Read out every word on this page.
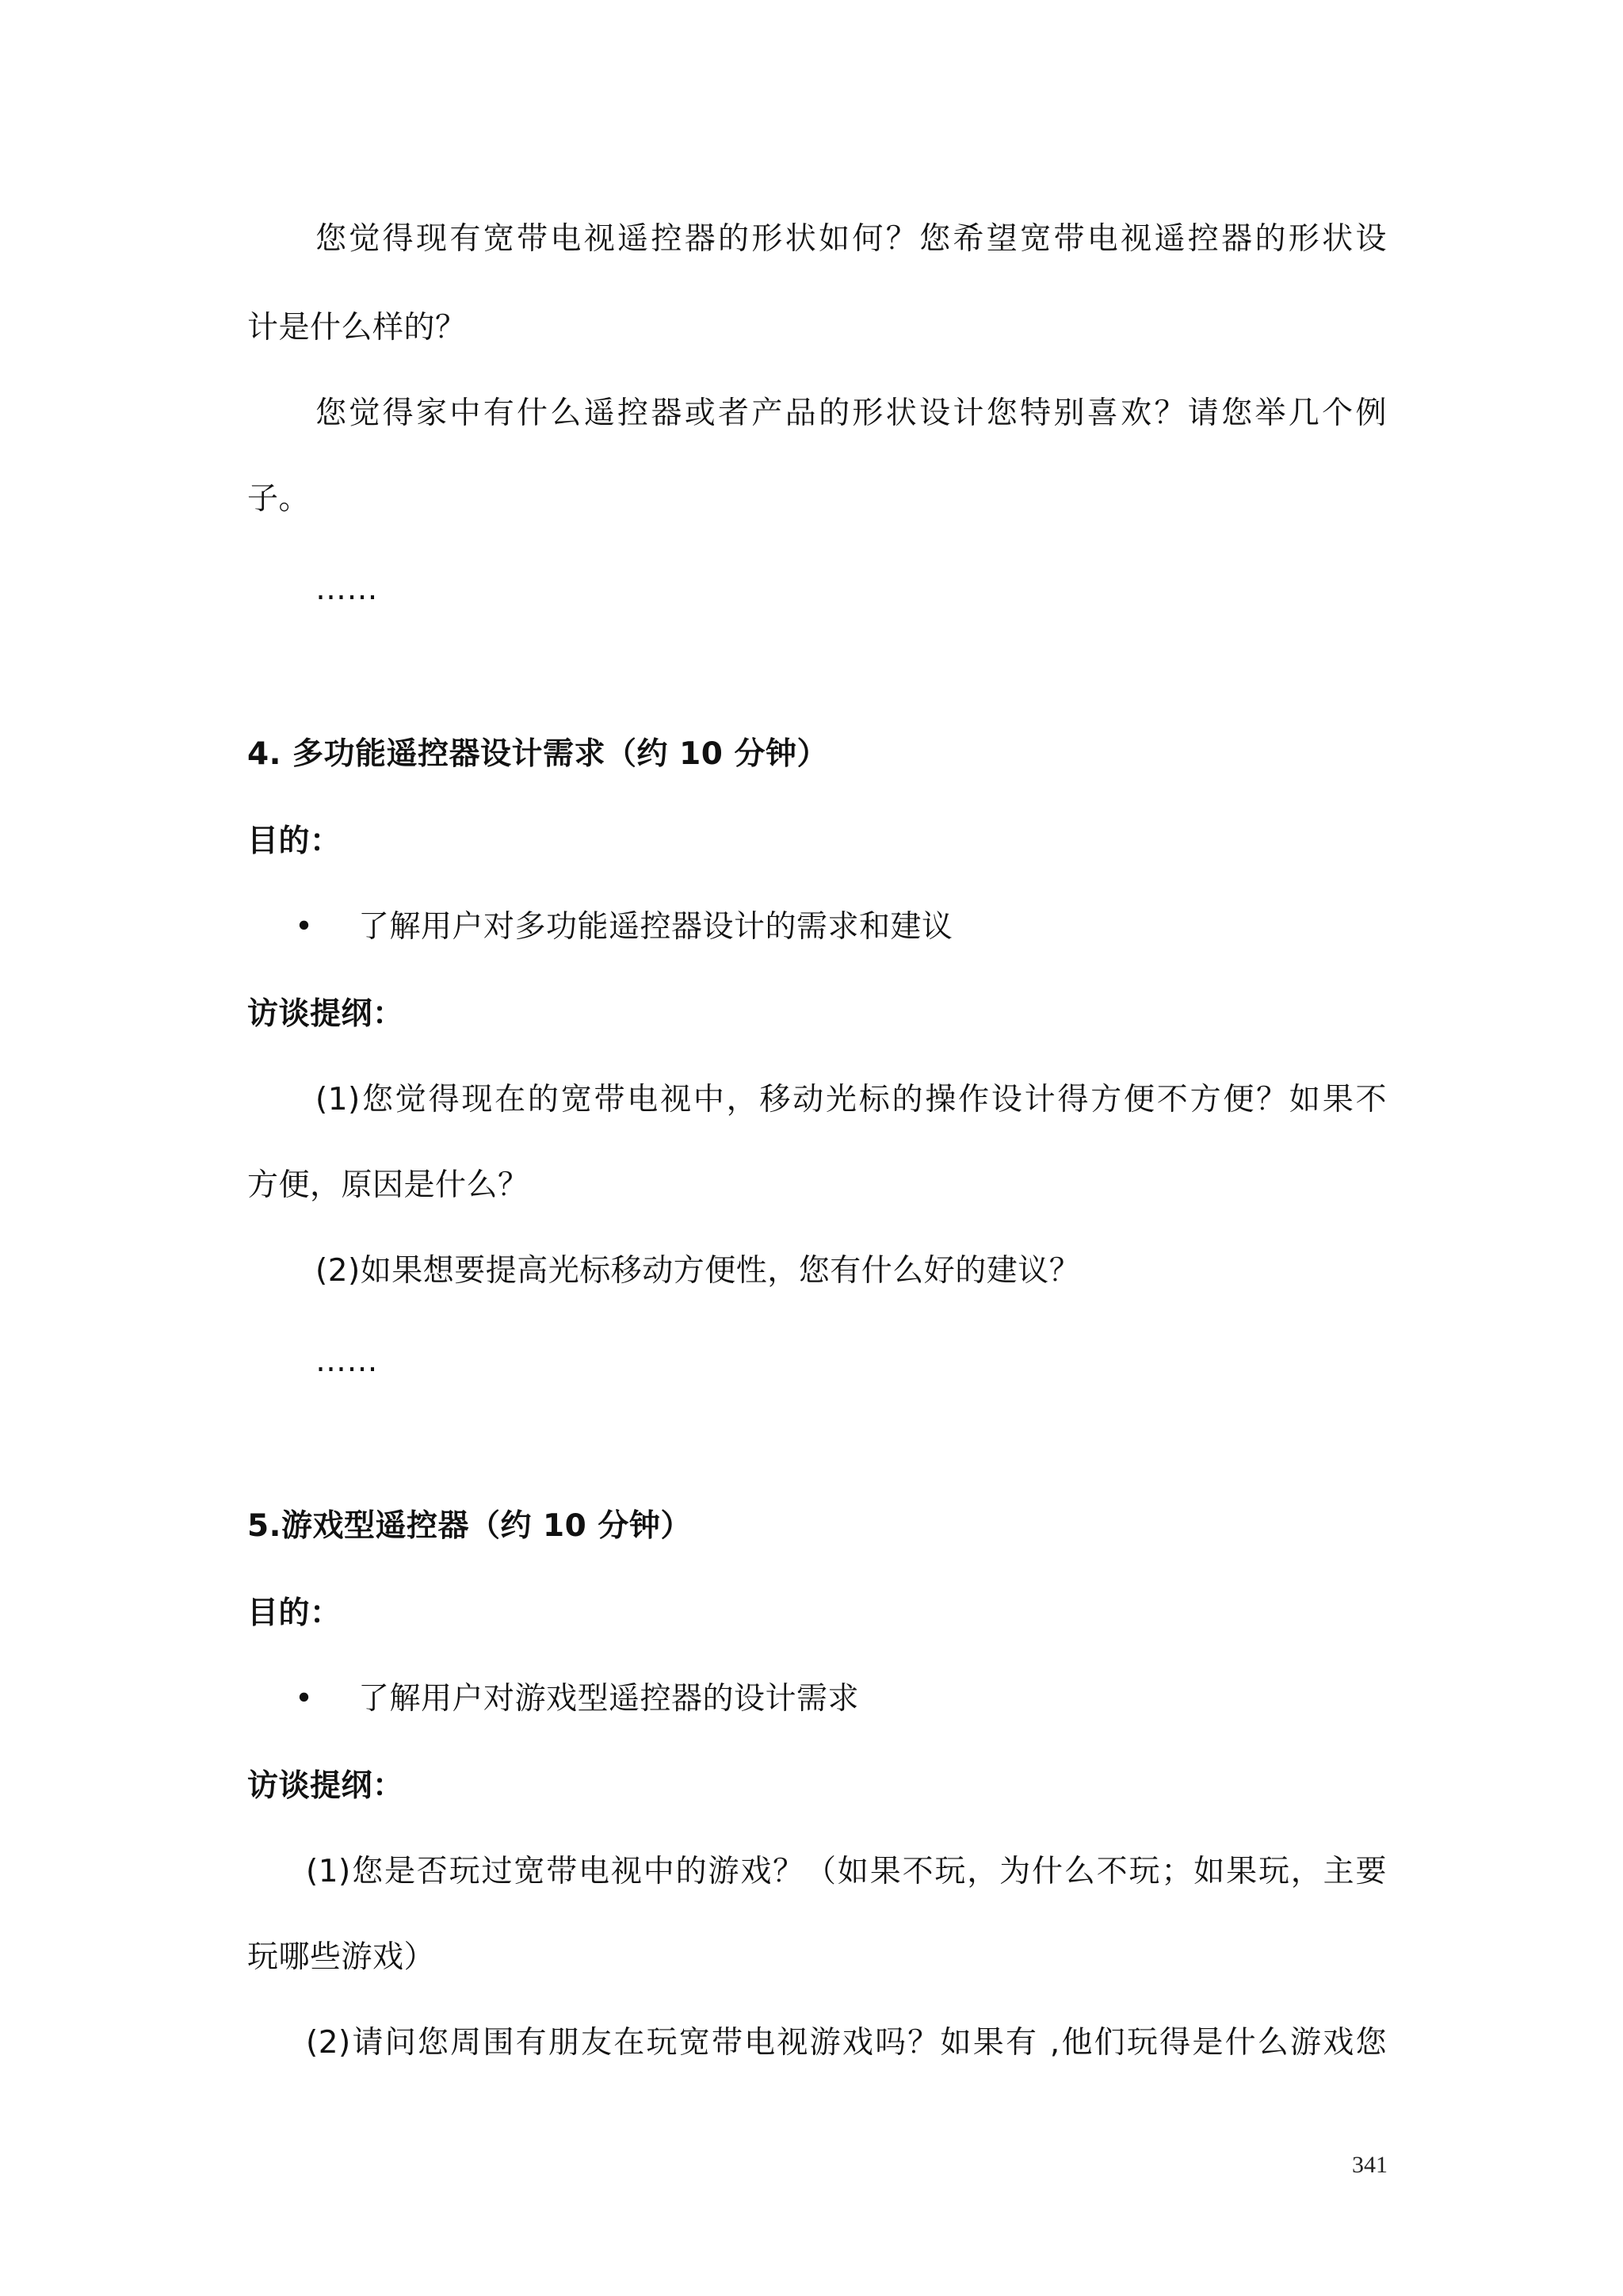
您觉得现有宽带电视遥控器的形状如何？您希望宽带电视遥控器的形状设
计是什么样的？
您觉得家中有什么遥控器或者产品的形状设计您特别喜欢？请您举几个例
子。
……
4. 多功能遥控器设计需求（约 10 分钟）
目的：
• 了解用户对多功能遥控器设计的需求和建议
访谈提纲：
(1)您觉得现在的宽带电视中，移动光标的操作设计得方便不方便？如果不
方便，原因是什么？
(2)如果想要提高光标移动方便性，您有什么好的建议？
……
5.游戏型遥控器（约 10 分钟）
目的：
• 了解用户对游戏型遥控器的设计需求
访谈提纲：
(1)您是否玩过宽带电视中的游戏？（如果不玩，为什么不玩；如果玩，主要
玩哪些游戏）
(2)请问您周围有朋友在玩宽带电视游戏吗？如果有 ,他们玩得是什么游戏您
341
